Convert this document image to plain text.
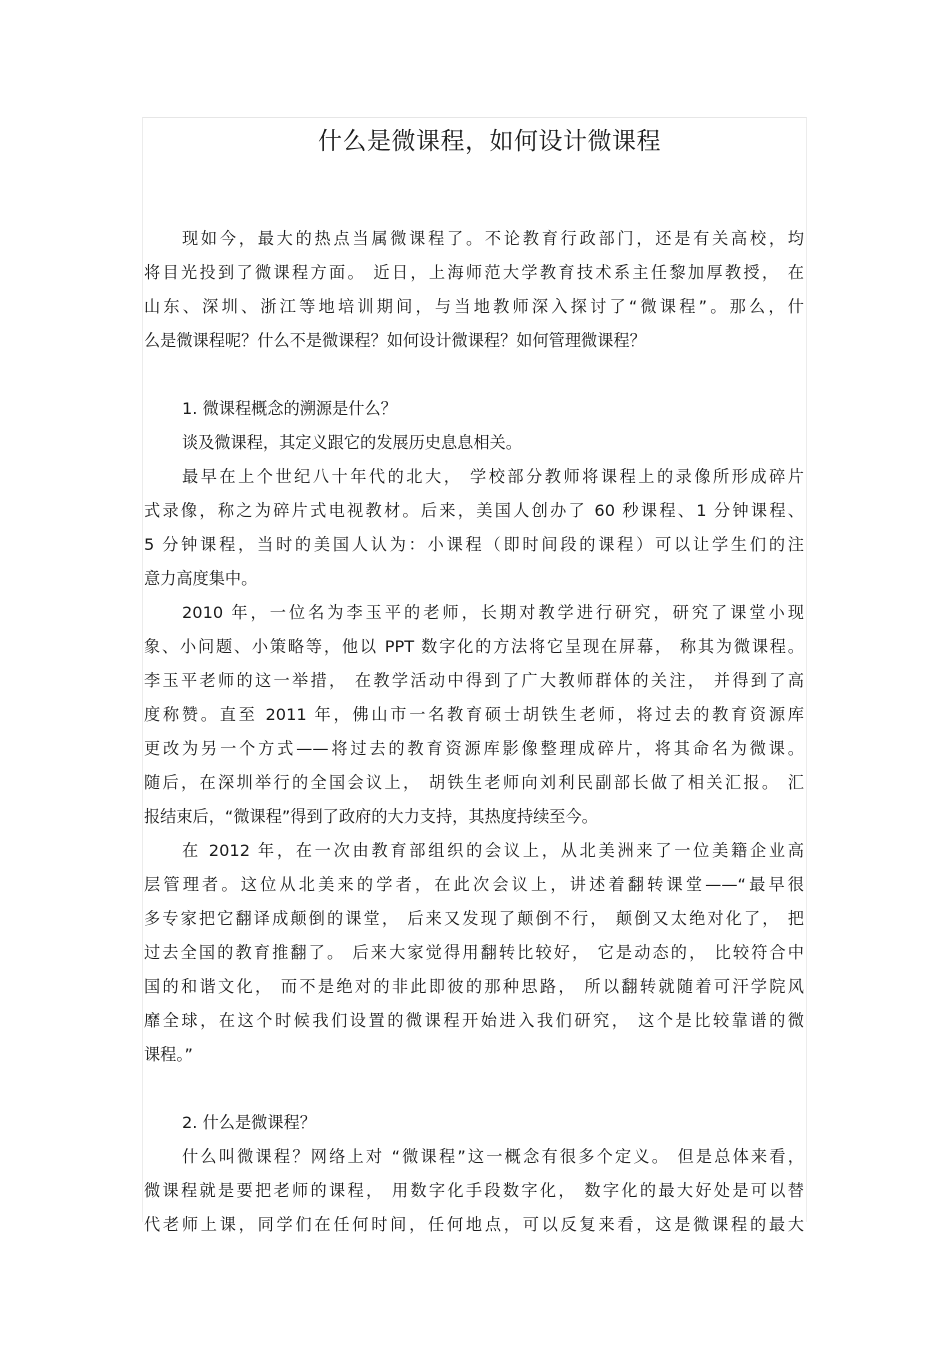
什么是微课程，如何设计微课程
现如今，最大的热点当属微课程了。不论教育行政部门，还是有关高校，均
将目光投到了微课程方面。 近日，上海师范大学教育技术系主任黎加厚教授， 在
山东、深圳、浙江等地培训期间，与当地教师深入探讨了“微课程”。那么，什
么是微课程呢？什么不是微课程？如何设计微课程？如何管理微课程？
1. 微课程概念的溯源是什么？
谈及微课程，其定义跟它的发展历史息息相关。
最早在上个世纪八十年代的北大， 学校部分教师将课程上的录像所形成碎片
式录像，称之为碎片式电视教材。后来，美国人创办了 60 秒课程、1 分钟课程、
5 分钟课程，当时的美国人认为：小课程（即时间段的课程）可以让学生们的注
意力高度集中。
2010 年，一位名为李玉平的老师，长期对教学进行研究，研究了课堂小现
象、小问题、小策略等，他以 PPT 数字化的方法将它呈现在屏幕， 称其为微课程。
李玉平老师的这一举措， 在教学活动中得到了广大教师群体的关注， 并得到了高
度称赞。直至 2011 年，佛山市一名教育硕士胡铁生老师，将过去的教育资源库
更改为另一个方式——将过去的教育资源库影像整理成碎片，将其命名为微课。
随后，在深圳举行的全国会议上， 胡铁生老师向刘利民副部长做了相关汇报。 汇
报结束后，“微课程”得到了政府的大力支持，其热度持续至今。
在 2012 年，在一次由教育部组织的会议上，从北美洲来了一位美籍企业高
层管理者。这位从北美来的学者，在此次会议上，讲述着翻转课堂——“最早很
多专家把它翻译成颠倒的课堂， 后来又发现了颠倒不行， 颠倒又太绝对化了， 把
过去全国的教育推翻了。 后来大家觉得用翻转比较好， 它是动态的， 比较符合中
国的和谐文化， 而不是绝对的非此即彼的那种思路， 所以翻转就随着可汗学院风
靡全球，在这个时候我们设置的微课程开始进入我们研究， 这个是比较靠谱的微
课程。”
2. 什么是微课程？
什么叫微课程？网络上对 “微课程”这一概念有很多个定义。 但是总体来看，
微课程就是要把老师的课程， 用数字化手段数字化， 数字化的最大好处是可以替
代老师上课，同学们在任何时间，任何地点，可以反复来看，这是微课程的最大
